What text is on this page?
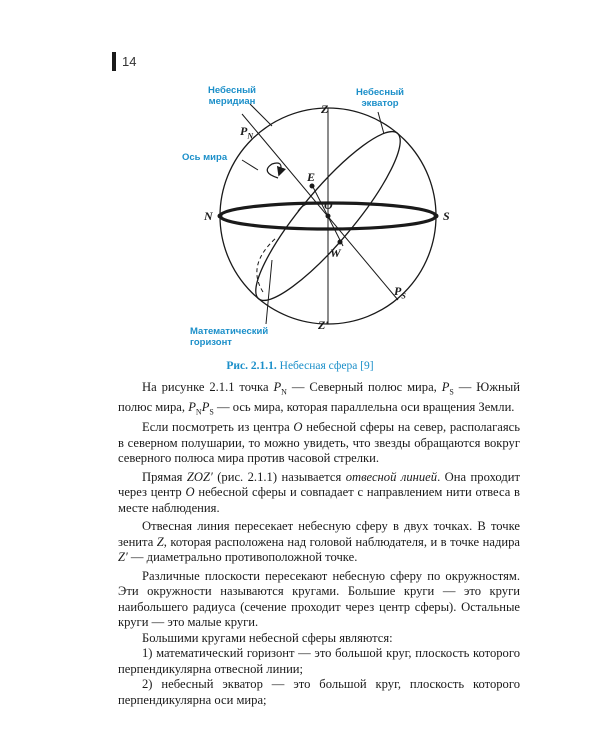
14
Небесный
меридиан
Небесный
экватор
Ось мира
Математический
горизонт
Z
$P_N$
E
O
N	S
W
$P_S$
Z′
Рис. 2.1.1. Небесная сфера [9]

На рисунке 2.1.1 точка $P_N$ — Северный полюс мира, $P_S$ — Южный полюс мира, $P_NP_S$ — ось мира, которая параллельна оси вращения Земли.

Если посмотреть из центра O небесной сферы на север, располагаясь в северном полушарии, то можно увидеть, что звезды обращаются вокруг северного полюса мира против часовой стрелки.

Прямая ZOZ′ (рис. 2.1.1) называется отвесной линией. Она проходит через центр O небесной сферы и совпадает с направлением нити отвеса в месте наблюдения.

Отвесная линия пересекает небесную сферу в двух точках. В точке зенита Z, которая расположена над головой наблюдателя, и в точке надира Z′ — диаметрально противоположной точке.

Различные плоскости пересекают небесную сферу по окружностям. Эти окружности называются кругами. Большие круги — это круги наибольшего радиуса (сечение проходит через центр сферы). Остальные круги — это малые круги.

Большими кругами небесной сферы являются:

1) математический горизонт — это большой круг, плоскость которого перпендикулярна отвесной линии;

2) небесный экватор — это большой круг, плоскость которого перпендикулярна оси мира;
